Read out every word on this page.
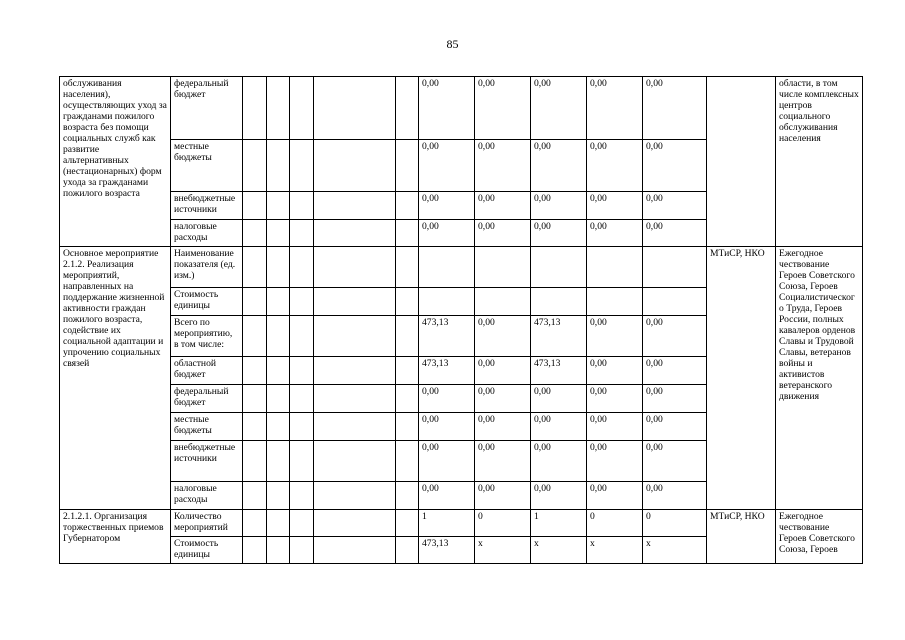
85
обслуживания населения), осуществляющих уход за гражданами пожилого возраста без помощи социальных служб как развитие альтернативных (нестационарных) форм ухода за гражданами пожилого возраста	федеральный бюджет						0,00	0,00	0,00	0,00	0,00		области, в том числе комплексных центров социального обслуживания населения
	местные бюджеты						0,00	0,00	0,00	0,00	0,00		
	внебюджетные источники						0,00	0,00	0,00	0,00	0,00		
	налоговые расходы						0,00	0,00	0,00	0,00	0,00		
Основное мероприятие 2.1.2. Реализация мероприятий, направленных на поддержание жизненной активности граждан пожилого возраста, содействие их социальной адаптации и упрочению социальных связей	Наименование показателя (ед. изм.)											МТиСР, НКО	Ежегодное чествование Героев Советского Союза, Героев Социалистического Труда, Героев России, полных кавалеров орденов Славы и Трудовой Славы, ветеранов войны и активистов ветеранского движения
	Стоимость единицы												
	Всего по мероприятию, в том числе:						473,13	0,00	473,13	0,00	0,00		
	областной бюджет						473,13	0,00	473,13	0,00	0,00		
	федеральный бюджет						0,00	0,00	0,00	0,00	0,00		
	местные бюджеты						0,00	0,00	0,00	0,00	0,00		
	внебюджетные источники						0,00	0,00	0,00	0,00	0,00		
	налоговые расходы						0,00	0,00	0,00	0,00	0,00		
2.1.2.1. Организация торжественных приемов Губернатором	Количество мероприятий						1	0	1	0	0	МТиСР, НКО	Ежегодное чествование Героев Советского Союза, Героев
	Стоимость единицы						473,13	x	x	x	x		
